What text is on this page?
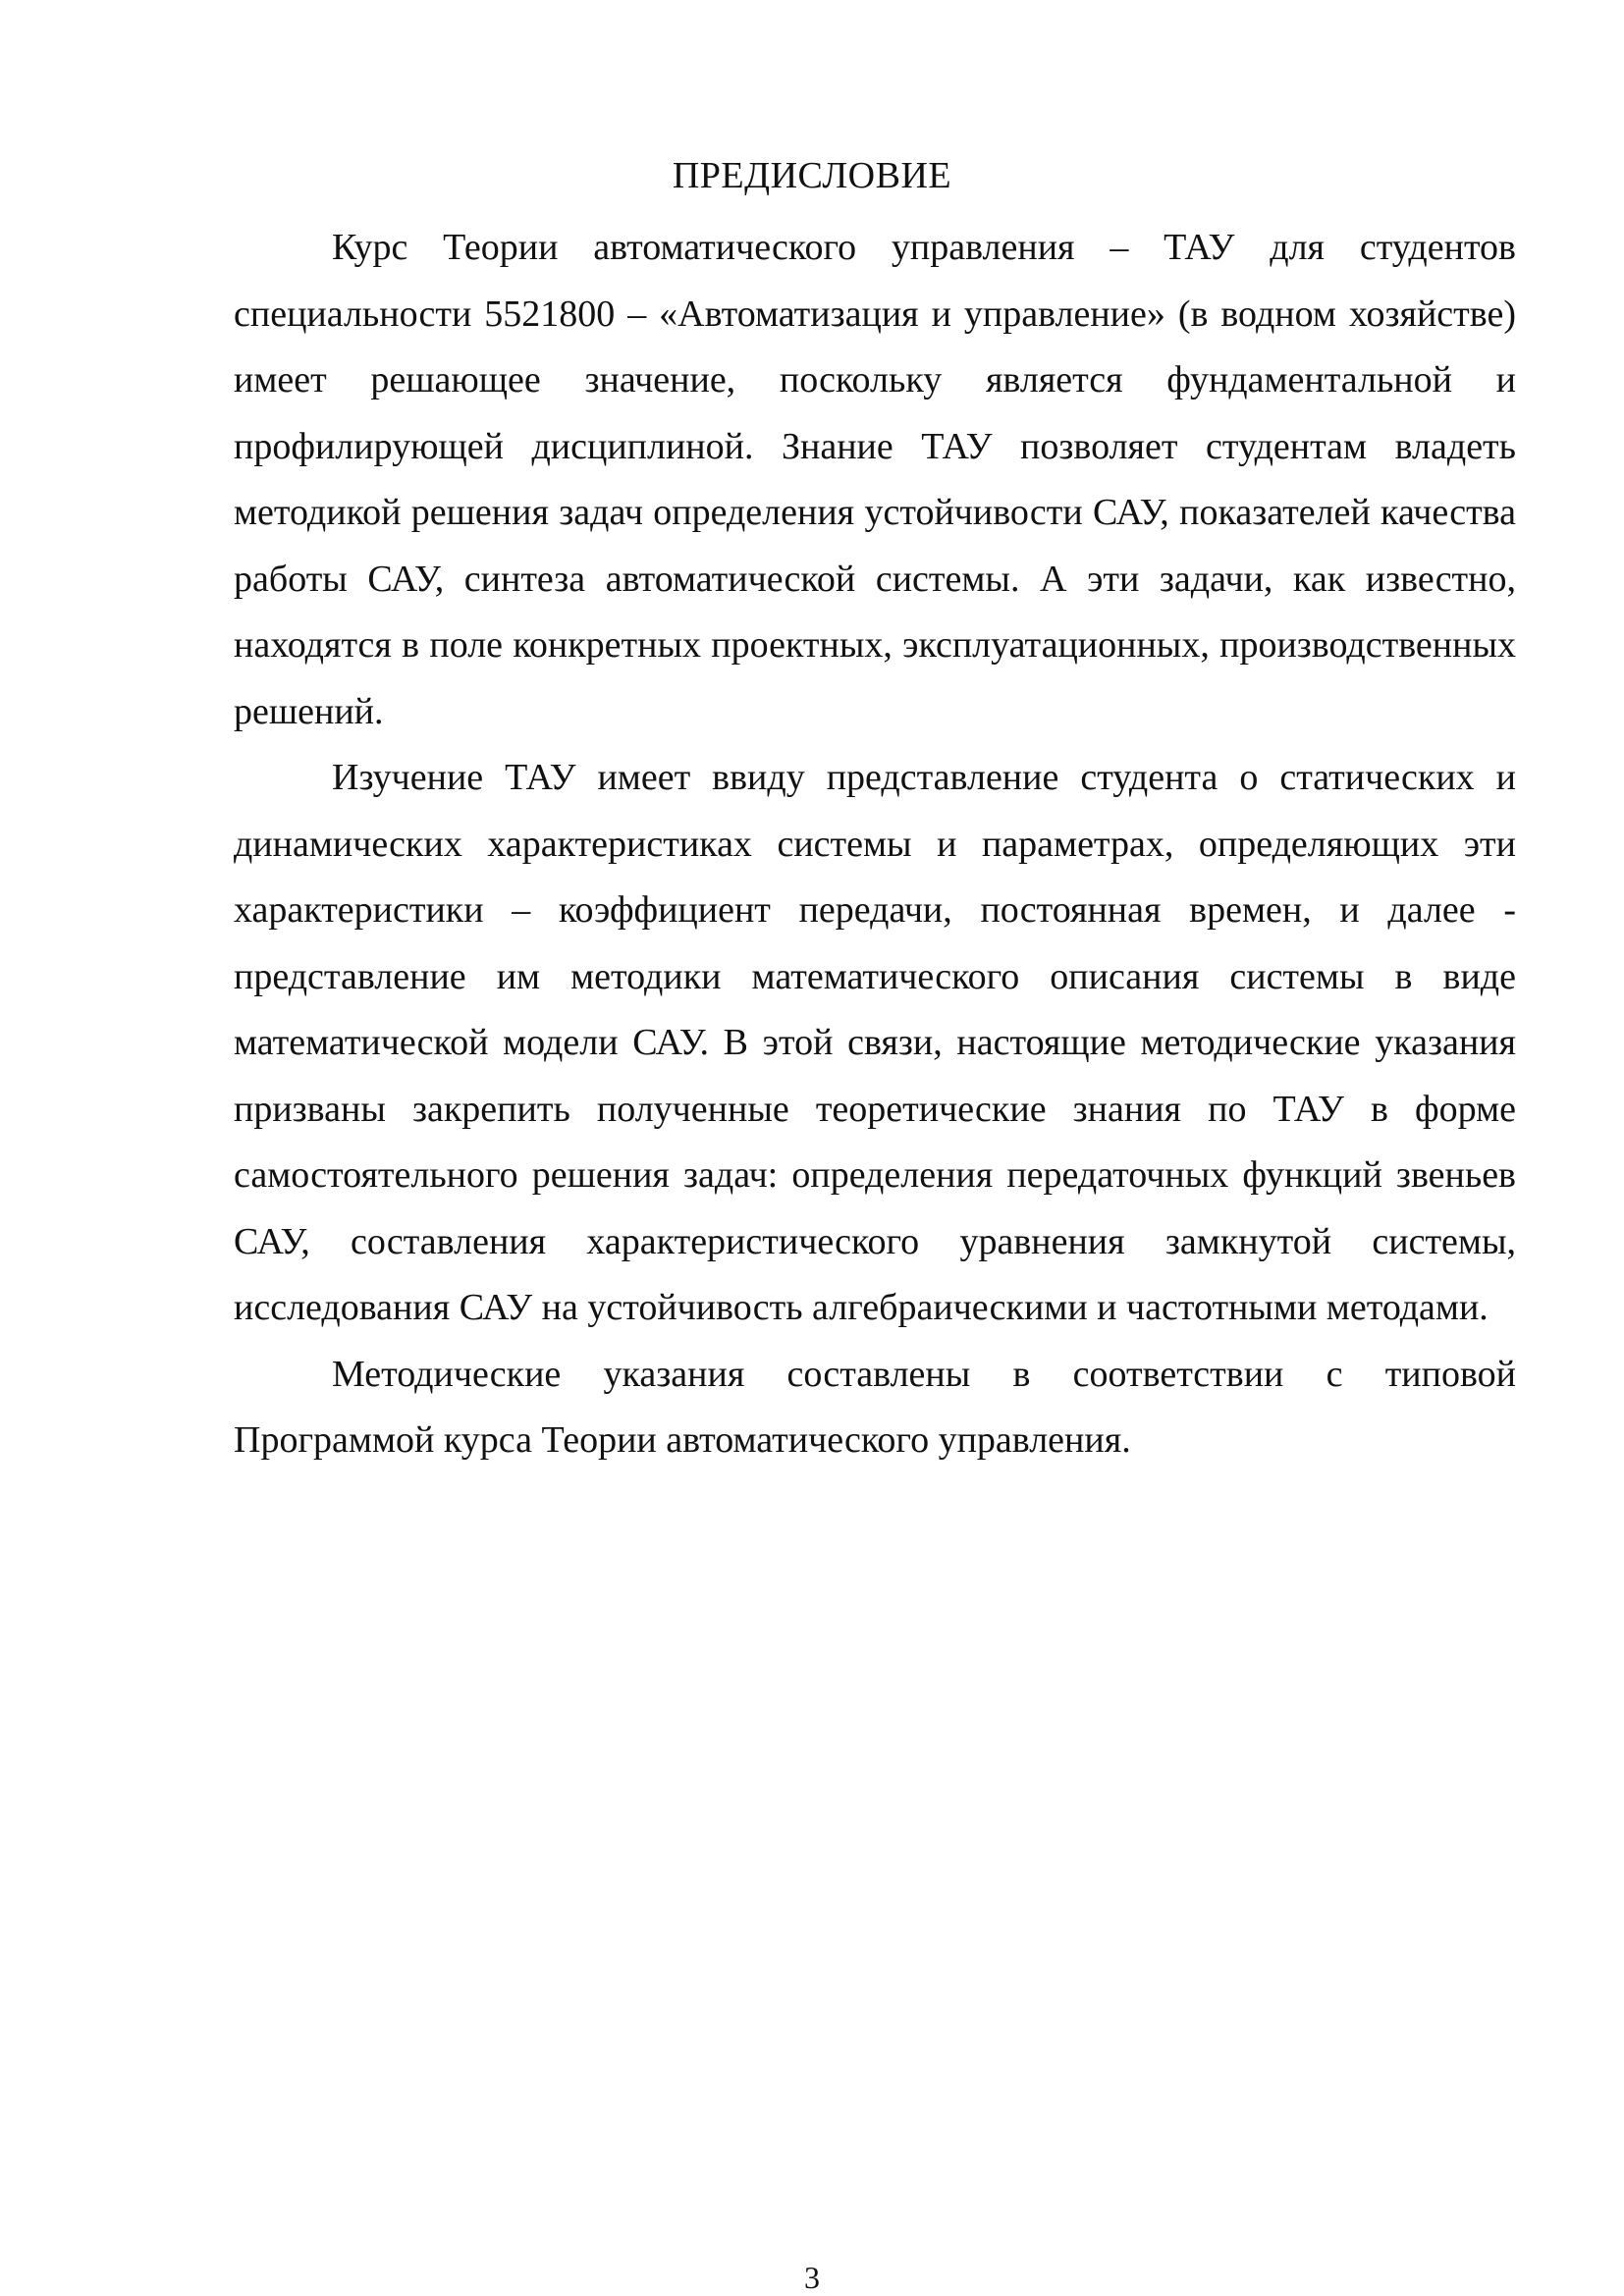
ПРЕДИСЛОВИЕ

Курс Теории автоматического управления – ТАУ для студентов специальности 5521800 – «Автоматизация и управление» (в водном хозяйстве) имеет решающее значение, поскольку является фундаментальной и профилирующей дисциплиной. Знание ТАУ позволяет студентам владеть методикой решения задач определения устойчивости САУ, показателей качества работы САУ, синтеза автоматической системы. А эти задачи, как известно, находятся в поле конкретных проектных, эксплуатационных, производственных решений.

Изучение ТАУ имеет ввиду представление студента о статических и динамических характеристиках системы и параметрах, определяющих эти характеристики – коэффициент передачи, постоянная времен, и далее - представление им методики математического описания системы в виде математической модели САУ. В этой связи, настоящие методические указания призваны закрепить полученные теоретические знания по ТАУ в форме самостоятельного решения задач: определения передаточных функций звеньев САУ, составления характеристического уравнения замкнутой системы, исследования САУ на устойчивость алгебраическими и частотными методами.

Методические указания составлены в соответствии с типовой Программой курса Теории автоматического управления.

3
